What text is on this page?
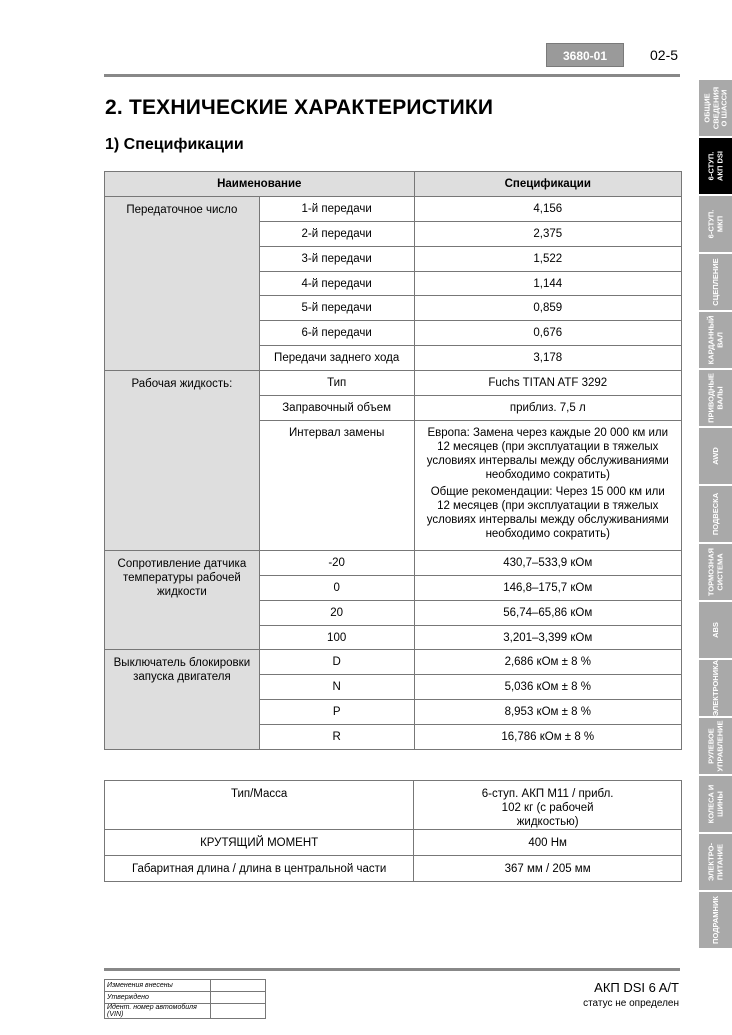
3680-01	02-5
2. ТЕХНИЧЕСКИЕ ХАРАКТЕРИСТИКИ
1) Спецификации
Наименование		Спецификации
Передаточное число	1-й передачи	4,156
	2-й передачи	2,375
	3-й передачи	1,522
	4-й передачи	1,144
	5-й передачи	0,859
	6-й передачи	0,676
	Передачи заднего хода	3,178
Рабочая жидкость:	Тип	Fuchs TITAN ATF 3292
	Заправочный объем	приблиз. 7,5 л
	Интервал замены	Европа: Замена через каждые 20 000 км или 12 месяцев (при эксплуатации в тяжелых условиях интервалы между обслуживаниями необходимо сократить)
Общие рекомендации: Через 15 000 км или 12 месяцев (при эксплуатации в тяжелых условиях интервалы между обслуживаниями необходимо сократить)

Сопротивление датчика температуры рабочей жидкости	-20	430,7–533,9 кОм
	0	146,8–175,7 кОм
	20	56,74–65,86 кОм
	100	3,201–3,399 кОм
Выключатель блокировки запуска двигателя	D	2,686 кОм ± 8 %
	N	5,036 кОм ± 8 %
	P	8,953 кОм ± 8 %
	R	16,786 кОм ± 8 %
Тип/Масса	6-ступ. АКП M11 / прибл. 102 кг (с рабочей жидкостью)
КРУТЯЩИЙ МОМЕНТ	400 Нм
Габаритная длина / длина в центральной части	367 мм / 205 мм
ОБЩИЕ
СВЕДЕНИЯ
О ШАССИ
6-СТУП.
АКП DSI
6-СТУП.
МКП
СЦЕПЛЕНИЕ
КАРДАННЫЙ
ВАЛ
ПРИВОДНЫЕ
ВАЛЫ
AWD
ПОДВЕСКА
ТОРМОЗНАЯ
СИСТЕМА
ABS
ЭЛЕКТРОНИКА
РУЛЕВОЕ
УПРАВЛЕНИЕ
КОЛЕСА И
ШИНЫ
ЭЛЕКТРО-
ПИТАНИЕ
ПОДРАМНИК
Изменения внесены	
Утверждено	
Идент. номер автомобиля (VIN)	
АКП DSI 6 A/T
статус не определен
